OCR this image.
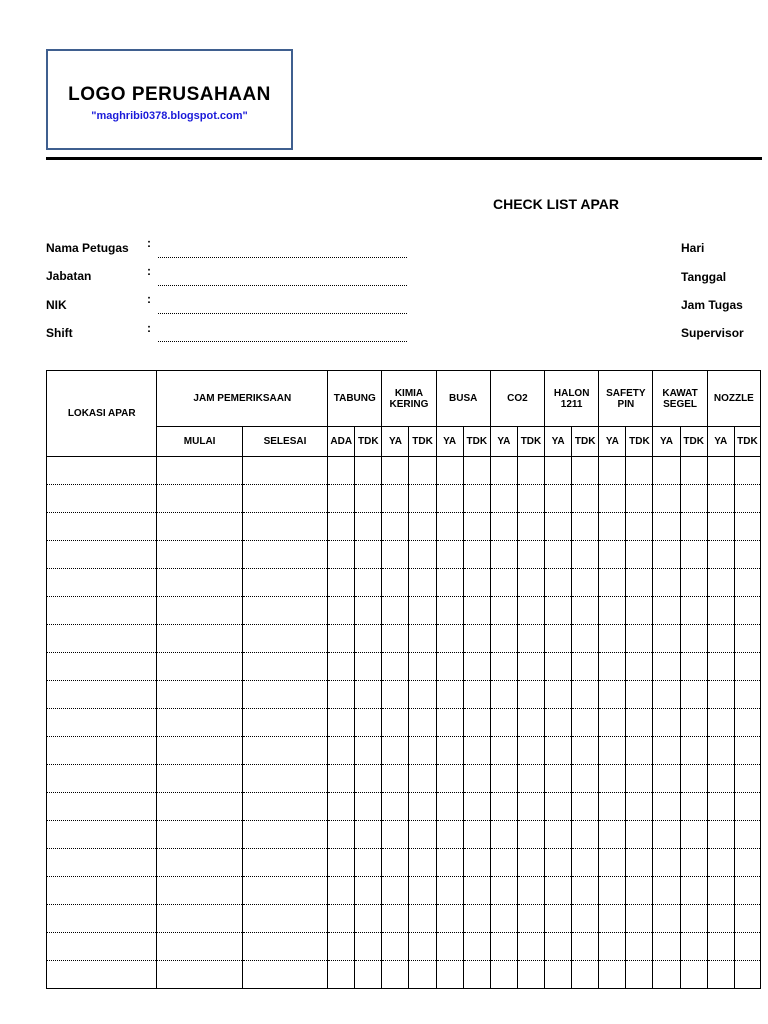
LOGO PERUSAHAAN
"maghribi0378.blogspot.com"
CHECK LIST APAR
Nama Petugas :
Jabatan	:
NIK	:
Shift	:
Hari
Tanggal
Jam Tugas
Supervisor
LOKASI APAR	JAM PEMERIKSAAN		TABUNG		KIMIA KERING		BUSA		CO2		HALON 1211		SAFETY PIN		KAWAT SEGEL		NOZZLE	
	MULAI	SELESAI	ADA	TDK	YA	TDK	YA	TDK	YA	TDK	YA	TDK	YA	TDK	YA	TDK	YA	TDK
